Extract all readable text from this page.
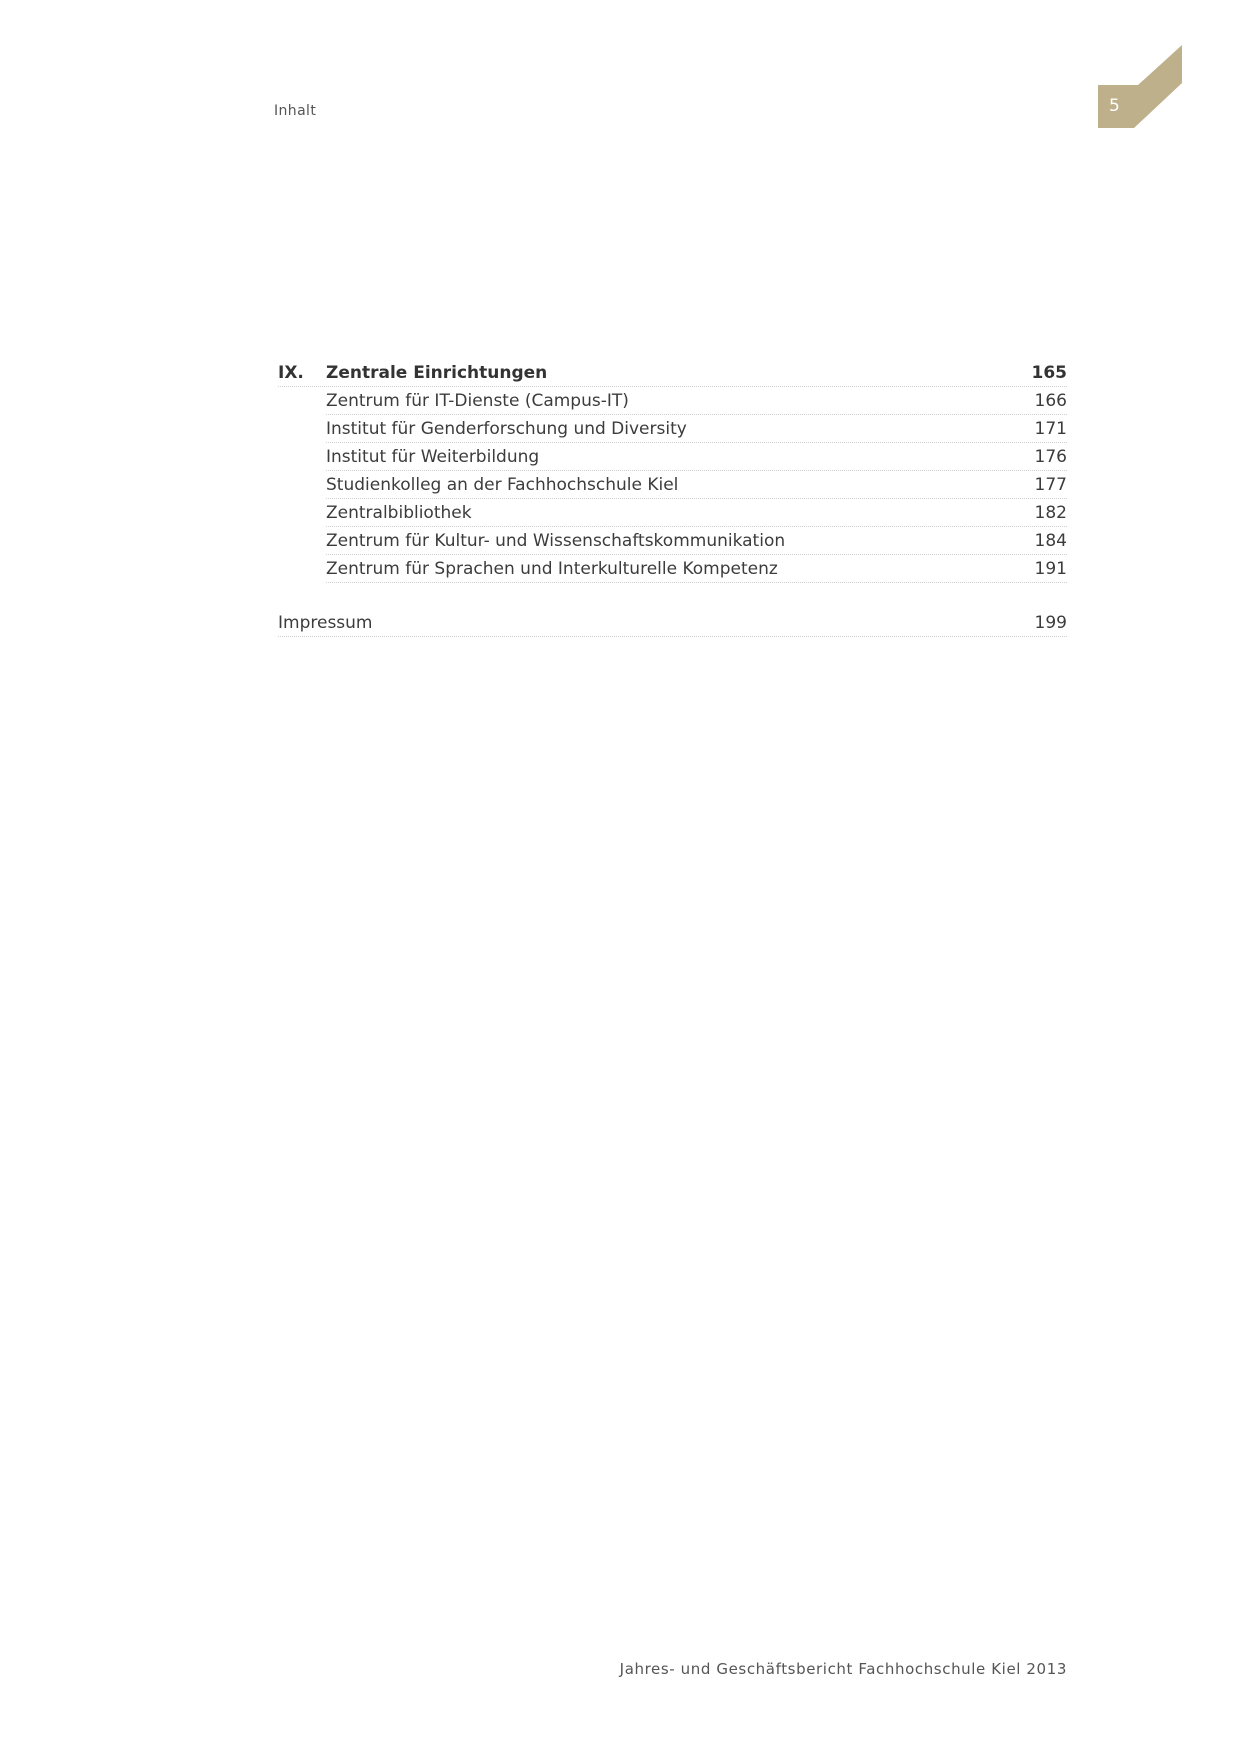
Inhalt	5
IX. Zentrale Einrichtungen	165
Zentrum für IT-Dienste (Campus-IT)	166
Institut für Genderforschung und Diversity	171
Institut für Weiterbildung	176
Studienkolleg an der Fachhochschule Kiel	177
Zentralbibliothek	182
Zentrum für Kultur- und Wissenschaftskommunikation	184
Zentrum für Sprachen und Interkulturelle Kompetenz	191
Impressum	199
Jahres- und Geschäftsbericht Fachhochschule Kiel 2013
